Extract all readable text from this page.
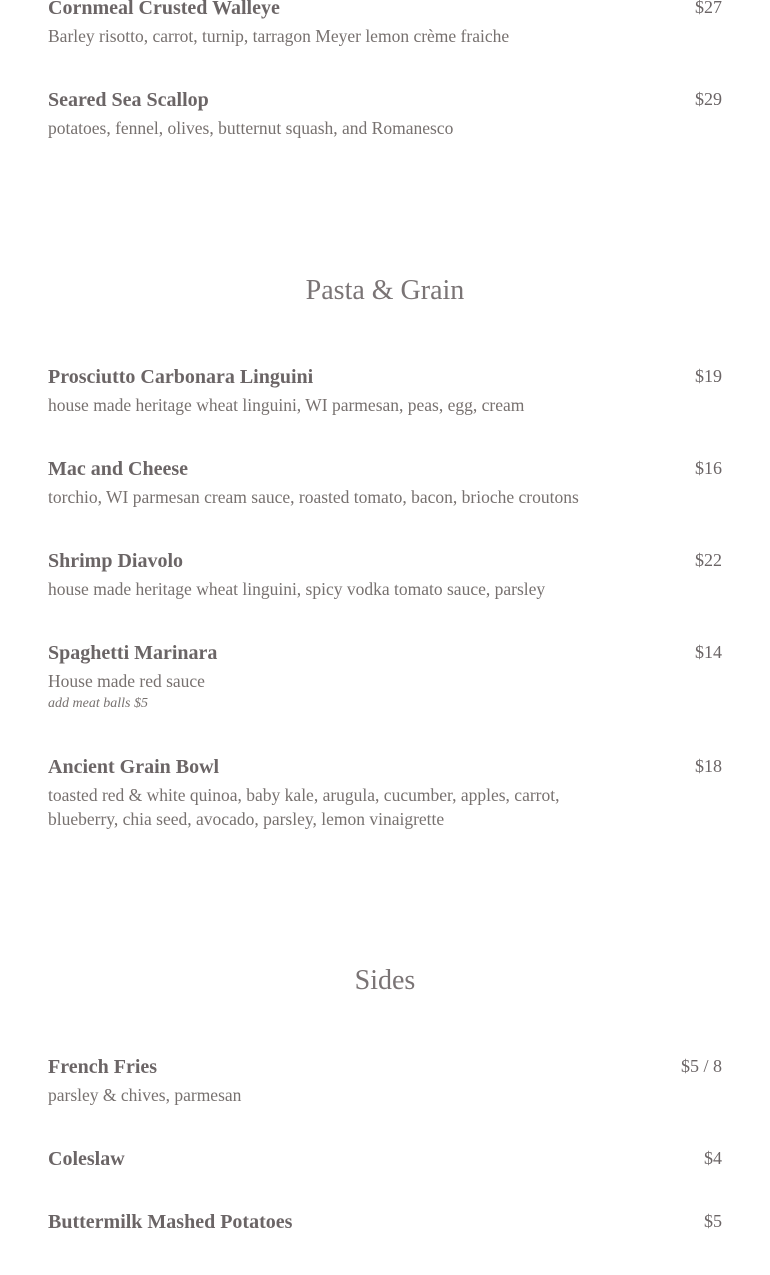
Cornmeal Crusted Walleye	$27
Barley risotto, carrot, turnip, tarragon Meyer lemon crème fraiche
Seared Sea Scallop	$29
potatoes, fennel, olives, butternut squash, and Romanesco
Pasta & Grain
Prosciutto Carbonara Linguini	$19
house made heritage wheat linguini, WI parmesan, peas, egg, cream
Mac and Cheese	$16
torchio, WI parmesan cream sauce, roasted tomato, bacon, brioche croutons
Shrimp Diavolo	$22
house made heritage wheat linguini, spicy vodka tomato sauce, parsley
Spaghetti Marinara	$14
House made red sauce
add meat balls $5
Ancient Grain Bowl	$18
toasted red & white quinoa, baby kale, arugula, cucumber, apples, carrot, blueberry, chia seed, avocado, parsley, lemon vinaigrette
Sides
French Fries	$5 / 8
parsley & chives, parmesan
Coleslaw	$4
Buttermilk Mashed Potatoes	$5
